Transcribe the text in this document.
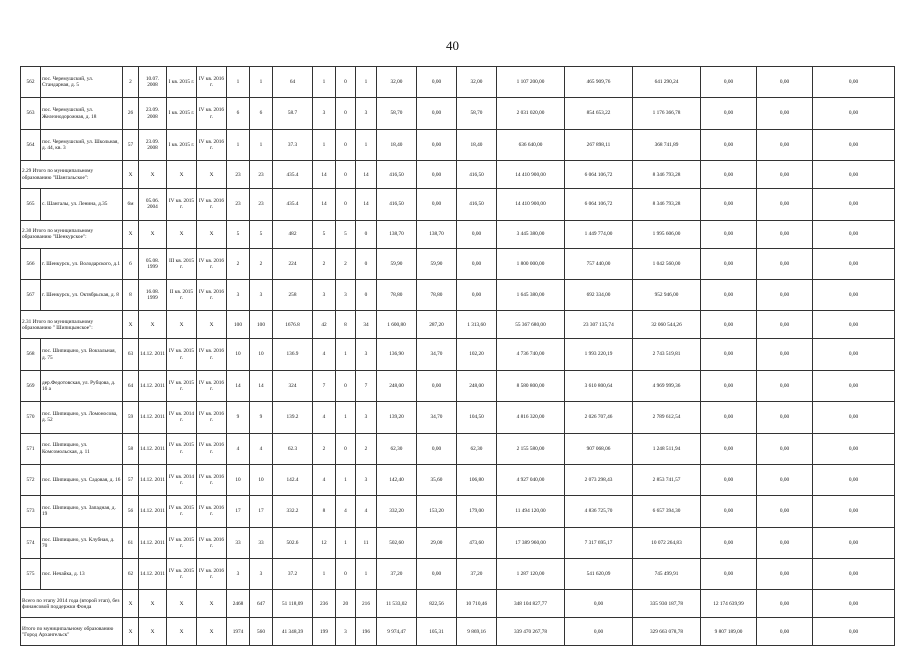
40
562	пос. Черемушский, ул. Стандарная, д. 5	2	10.07. 2008	I кв. 2015 г.	IV кв. 2016 г.	1	1	64	1	0	1	32,00	0,00	32,00	1 107 200,00	465 909,76	641 290,24	0,00	0,00	0,00
563	пос. Черемушский, ул. Железнодорожная, д. 18	26	23.09. 2008	I кв. 2015 г.	IV кв. 2016 г.	6	6	58.7	3	0	3	58,70	0,00	58,70	2 031 020,00	854 653,22	1 176 366,78	0,00	0,00	0,00
564	пос. Черемушский, ул. Школьная, д. 44, кв. 3	57	23.09. 2008	I кв. 2015 г.	IV кв. 2016 г.	1	1	37.3	1	0	1	18,40	0,00	18,40	636 640,00	267 898,11	368 741,89	0,00	0,00	0,00
2.29 Итого по муниципальному образованию "Шангальское":		X	X	X	X	23	23	435.4	14	0	14	416,50	0,00	416,50	14 410 900,00	6 064 106,72	8 346 793,28	0,00	0,00	0,00
565	с. Шангалы, ул. Ленина, д.35	6м	05.06. 2004	IV кв. 2015 г.	IV кв. 2016 г.	23	23	435.4	14	0	14	416,50	0,00	416,50	14 410 900,00	6 064 106,72	8 346 793,28	0,00	0,00	0,00
2.30 Итого по муниципальному образованию "Шенкурское":		X	X	X	X	5	5	482	5	5	0	138,70	138,70	0,00	3 445 380,00	1 449 774,00	1 995 606,00	0,00	0,00	0,00
566	г. Шенкурск, ул. Володарского, д.1	6	05.08. 1999	III кв. 2015 г.	IV кв. 2016 г.	2	2	224	2	2	0	59,90	59,90	0,00	1 800 000,00	757 440,00	1 042 560,00	0,00	0,00	0,00
567	г. Шенкурск, ул. Октябрьская, д. 8	8	16.08. 1999	II кв. 2015 г.	IV кв. 2016 г.	3	3	258	3	3	0	78,80	78,80	0,00	1 645 380,00	692 334,00	952 946,00	0,00	0,00	0,00
2.31 Итого по муниципальному образованию " Шипицынское":		X	X	X	X	100	100	1676.8	42	8	34	1 600,80	287,20	1 313,60	55 367 680,00	23 307 135,74	32 060 544,26	0,00	0,00	0,00
568	пос. Шипицыно, ул. Вокзальная, д. 75	63	14.12. 2011	IV кв. 2015 г.	IV кв. 2016 г.	10	10	136.9	4	1	3	136,90	34,70	102,20	4 736 740,00	1 993 220,19	2 743 519,81	0,00	0,00	0,00
569	дер.Федотовская, ул. Рубцова, д. 16 а	64	14.12. 2011	IV кв. 2015 г.	IV кв. 2016 г.	14	14	324	7	0	7	248,00	0,00	248,00	8 580 800,00	3 610 800,64	4 969 999,36	0,00	0,00	0,00
570	пос. Шипицыно, ул. Ломоносова, д. 52	59	14.12. 2011	IV кв. 2014 г.	IV кв. 2016 г.	9	9	139.2	4	1	3	139,20	34,70	104,50	4 816 320,00	2 026 707,46	2 789 612,54	0,00	0,00	0,00
571	пос. Шипицыно, ул. Комсомольская, д. 11	58	14.12. 2011	IV кв. 2015 г.	IV кв. 2016 г.	4	4	62.3	2	0	2	62,30	0,00	62,30	2 155 580,00	907 068,06	1 248 511,94	0,00	0,00	0,00
572	пос. Шипицыно, ул. Садовая, д. 16	57	14.12. 2011	IV кв. 2014 г.	IV кв. 2016 г.	10	10	142.4	4	1	3	142,40	35,60	106,80	4 927 040,00	2 073 298,43	2 853 741,57	0,00	0,00	0,00
573	пос. Шипицыно, ул. Западная, д. 19	56	14.12. 2011	IV кв. 2015 г.	IV кв. 2016 г.	17	17	332.2	8	4	4	332,20	153,20	179,00	11 494 120,00	4 836 725,70	6 657 394,30	0,00	0,00	0,00
574	пос. Шипицыно, ул. Клубная, д. 70	61	14.12. 2011	IV кв. 2015 г.	IV кв. 2016 г.	33	33	502.6	12	1	11	502,60	29,00	473,60	17 389 960,00	7 317 695,17	10 072 264,83	0,00	0,00	0,00
575	пос. Нечайка, д. 13	62	14.12. 2011	IV кв. 2015 г.	IV кв. 2016 г.	3	3	37.2	1	0	1	37,20	0,00	37,20	1 287 120,00	541 620,09	745 499,91	0,00	0,00	0,00
Всего по этапу 2014 года (второй этап), без финансовой поддержки Фонда		X	X	X	X	2468	647	51 118,09	236	20	216	11 533,02	822,56	10 710,46	348 104 827,77	0,00	335 930 187,78	12 174 639,99	0,00	0,00
Итого по муниципальному образованию "Город Архангельск"		X	X	X	X	1974	560	41 348,39	199	3	196	9 974,47	105,31	9 869,16	339 470 267,78	0,00	329 663 078,78	9 807 189,00	0,00	0,00
